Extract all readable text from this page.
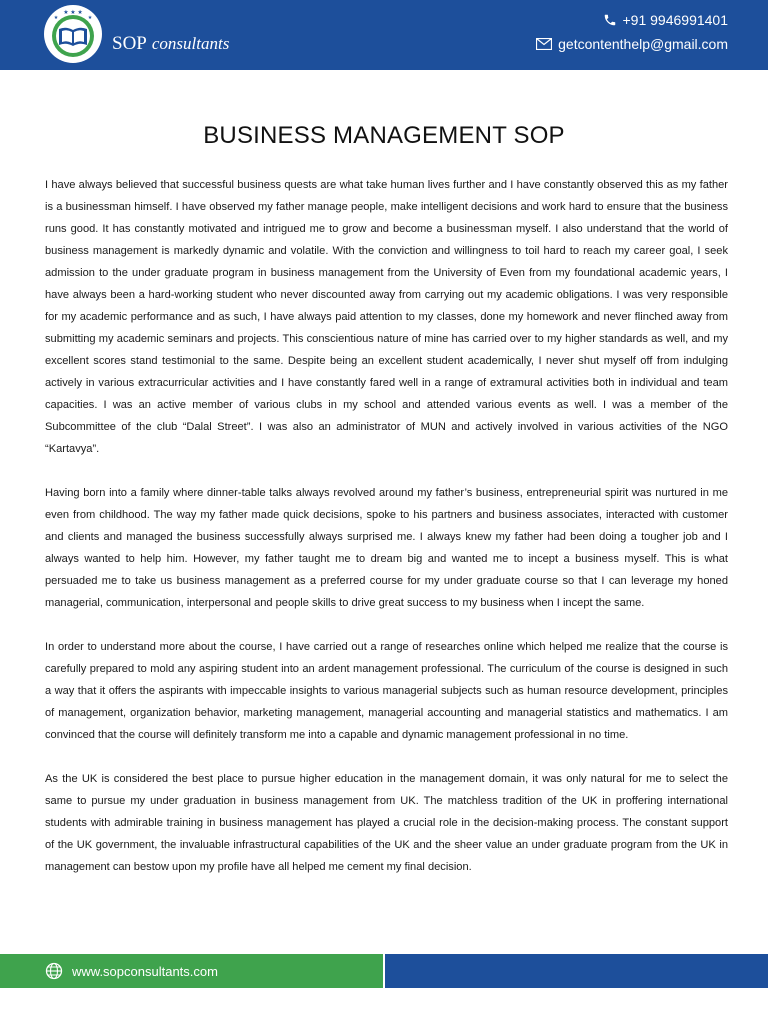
★ ★ ★
★	★
SOP consultants
+91 9946991401
getcontenthelp@gmail.com
BUSINESS MANAGEMENT SOP

I have always believed that successful business quests are what take human lives further and I have constantly observed this as my father is a businessman himself. I have observed my father manage people, make intelligent decisions and work hard to ensure that the business runs good. It has constantly motivated and intrigued me to grow and become a businessman myself. I also understand that the world of business management is markedly dynamic and volatile. With the conviction and willingness to toil hard to reach my career goal, I seek admission to the under graduate program in business management from the University of Even from my foundational academic years, I have always been a hard-working student who never discounted away from carrying out my academic obligations. I was very responsible for my academic performance and as such, I have always paid attention to my classes, done my homework and never flinched away from submitting my academic seminars and projects. This conscientious nature of mine has carried over to my higher standards as well, and my excellent scores stand testimonial to the same. Despite being an excellent student academically, I never shut myself off from indulging actively in various extracurricular activities and I have constantly fared well in a range of extramural activities both in individual and team capacities. I was an active member of various clubs in my school and attended various events as well. I was a member of the Subcommittee of the club “Dalal Street”. I was also an administrator of MUN and actively involved in various activities of the NGO “Kartavya”.

Having born into a family where dinner-table talks always revolved around my father’s business, entrepreneurial spirit was nurtured in me even from childhood. The way my father made quick decisions, spoke to his partners and business associates, interacted with customer and clients and managed the business successfully always surprised me. I always knew my father had been doing a tougher job and I always wanted to help him. However, my father taught me to dream big and wanted me to incept a business myself. This is what persuaded me to take us business management as a preferred course for my under graduate course so that I can leverage my honed managerial, communication, interpersonal and people skills to drive great success to my business when I incept the same.

In order to understand more about the course, I have carried out a range of researches online which helped me realize that the course is carefully prepared to mold any aspiring student into an ardent management professional. The curriculum of the course is designed in such a way that it offers the aspirants with impeccable insights to various managerial subjects such as human resource development, principles of management, organization behavior, marketing management, managerial accounting and managerial statistics and mathematics. I am convinced that the course will definitely transform me into a capable and dynamic management professional in no time.

As the UK is considered the best place to pursue higher education in the management domain, it was only natural for me to select the same to pursue my under graduation in business management from UK. The matchless tradition of the UK in proffering international students with admirable training in business management has played a crucial role in the decision-making process. The constant support of the UK government, the invaluable infrastructural capabilities of the UK and the sheer value an under graduate program from the UK in management can bestow upon my profile have all helped me cement my final decision.

www.sopconsultants.com
